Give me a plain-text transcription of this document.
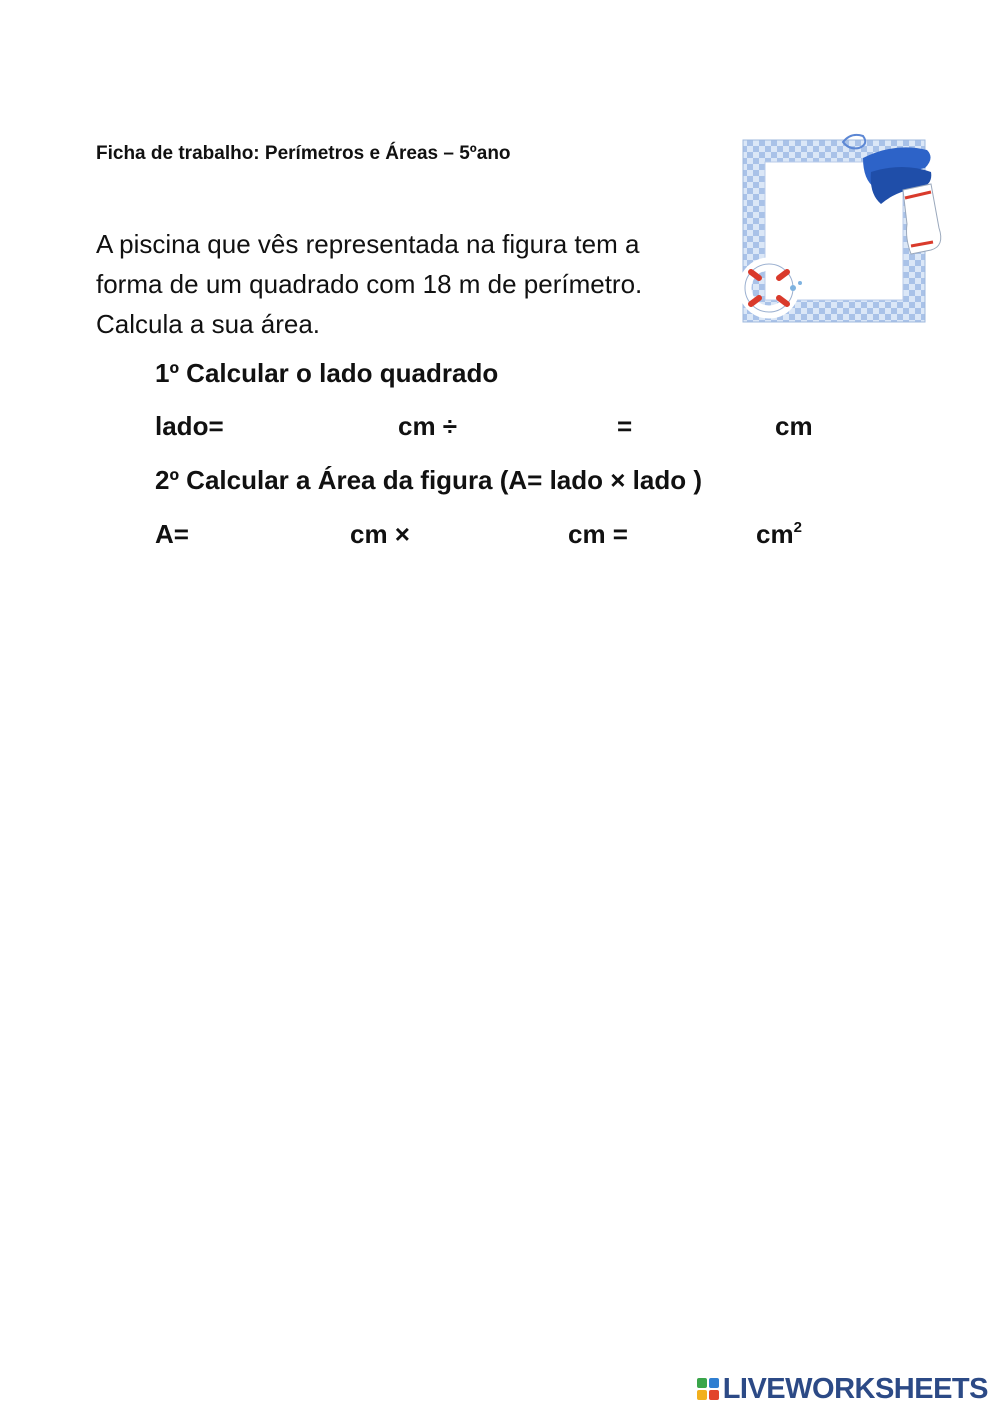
Ficha de trabalho: Perímetros e Áreas – 5ºano
A piscina que vês representada na figura tem a
forma de um quadrado com 18 m de perímetro.
Calcula a sua área.
1º Calcular o lado quadrado
lado=	cm ÷	=	cm
2º Calcular a Área da figura (A= lado × lado )
A=	cm ×	cm =	$cm^2$
LIVEWORKSHEETS
